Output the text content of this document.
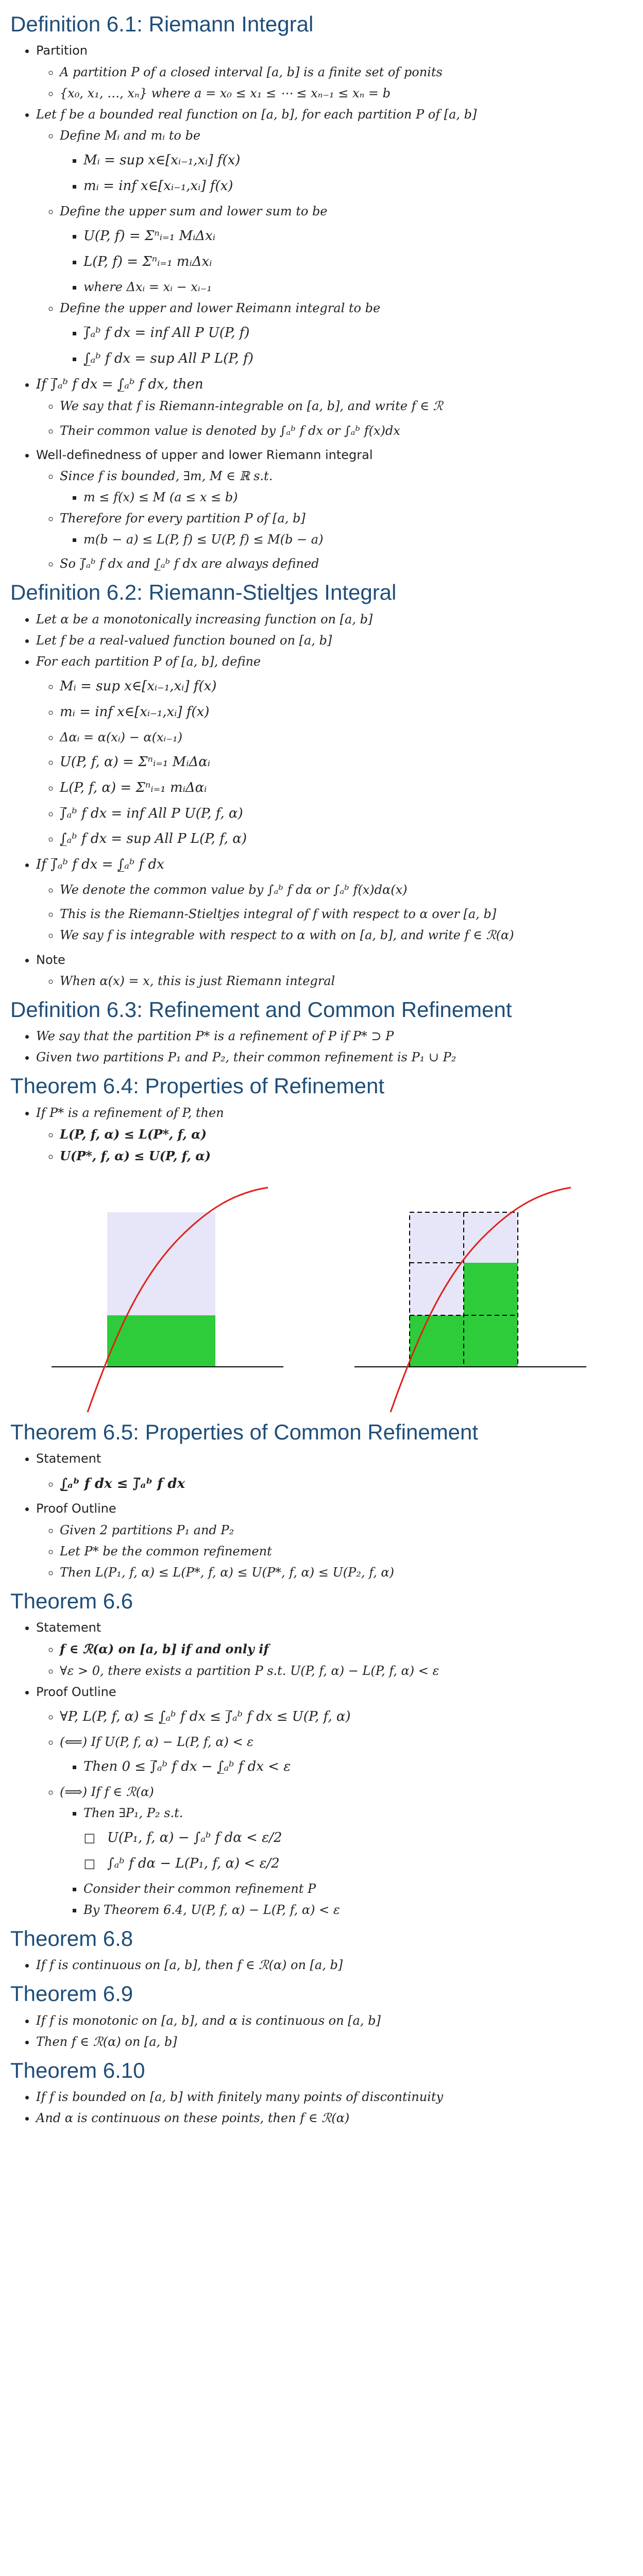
Definition 6.1: Riemann Integral
• Partition
◦ A partition P of a closed interval [a, b] is a finite set of ponits
◦ {x₀, x₁, …, xₙ} where a = x₀ ≤ x₁ ≤ ⋯ ≤ xₙ₋₁ ≤ xₙ = b
• Let f be a bounded real function on [a, b], for each partition P of [a, b]
◦ Define Mᵢ and mᵢ to be
▪ Mᵢ = sup x∈[xᵢ₋₁,xᵢ] f(x)
▪ mᵢ = inf x∈[xᵢ₋₁,xᵢ] f(x)
◦ Define the upper sum and lower sum to be
▪ U(P, f) = Σⁿᵢ₌₁ MᵢΔxᵢ
▪ L(P, f) = Σⁿᵢ₌₁ mᵢΔxᵢ
▪ where Δxᵢ = xᵢ − xᵢ₋₁
◦ Define the upper and lower Reimann integral to be
▪ ∫̅ₐᵇ f dx = inf All P U(P, f)
▪ ∫̲ₐᵇ f dx = sup All P L(P, f)
• If ∫̅ₐᵇ f dx = ∫̲ₐᵇ f dx, then
◦ We say that f is Riemann-integrable on [a, b], and write f ∈ ℛ
◦ Their common value is denoted by ∫ₐᵇ f dx or ∫ₐᵇ f(x)dx
• Well-definedness of upper and lower Riemann integral
◦ Since f is bounded, ∃m, M ∈ ℝ s.t.
▪ m ≤ f(x) ≤ M (a ≤ x ≤ b)
◦ Therefore for every partition P of [a, b]
▪ m(b − a) ≤ L(P, f) ≤ U(P, f) ≤ M(b − a)
◦ So ∫̅ₐᵇ f dx and ∫̲ₐᵇ f dx are always defined
Definition 6.2: Riemann-Stieltjes Integral
• Let α be a monotonically increasing function on [a, b]
• Let f be a real-valued function bouned on [a, b]
• For each partition P of [a, b], define
◦ Mᵢ = sup x∈[xᵢ₋₁,xᵢ] f(x)
◦ mᵢ = inf x∈[xᵢ₋₁,xᵢ] f(x)
◦ Δαᵢ = α(xᵢ) − α(xᵢ₋₁)
◦ U(P, f, α) = Σⁿᵢ₌₁ MᵢΔαᵢ
◦ L(P, f, α) = Σⁿᵢ₌₁ mᵢΔαᵢ
◦ ∫̅ₐᵇ f dx = inf All P U(P, f, α)
◦ ∫̲ₐᵇ f dx = sup All P L(P, f, α)
• If ∫̅ₐᵇ f dx = ∫̲ₐᵇ f dx
◦ We denote the common value by ∫ₐᵇ f dα or ∫ₐᵇ f(x)dα(x)
◦ This is the Riemann-Stieltjes integral of f with respect to α over [a, b]
◦ We say f is integrable with respect to α with on [a, b], and write f ∈ ℛ(α)
• Note
◦ When α(x) = x, this is just Riemann integral
Definition 6.3: Refinement and Common Refinement
• We say that the partition P* is a refinement of P if P* ⊃ P
• Given two partitions P₁ and P₂, their common refinement is P₁ ∪ P₂
Theorem 6.4: Properties of Refinement
• If P* is a refinement of P, then
◦ L(P, f, α) ≤ L(P*, f, α)
◦ U(P*, f, α) ≤ U(P, f, α)
Theorem 6.5: Properties of Common Refinement
• Statement
◦ ∫̲ₐᵇ f dx ≤ ∫̅ₐᵇ f dx
• Proof Outline
◦ Given 2 partitions P₁ and P₂
◦ Let P* be the common refinement
◦ Then L(P₁, f, α) ≤ L(P*, f, α) ≤ U(P*, f, α) ≤ U(P₂, f, α)
Theorem 6.6
• Statement
◦ f ∈ ℛ(α) on [a, b] if and only if
◦ ∀ε > 0, there exists a partition P s.t. U(P, f, α) − L(P, f, α) < ε
• Proof Outline
◦ ∀P, L(P, f, α) ≤ ∫̲ₐᵇ f dx ≤ ∫̅ₐᵇ f dx ≤ U(P, f, α)
◦ (⟸) If U(P, f, α) − L(P, f, α) < ε
▪ Then 0 ≤ ∫̅ₐᵇ f dx − ∫̲ₐᵇ f dx < ε
◦ (⟹) If f ∈ ℛ(α)
▪ Then ∃P₁, P₂ s.t.
□ U(P₁, f, α) − ∫ₐᵇ f dα < ε/2
□ ∫ₐᵇ f dα − L(P₁, f, α) < ε/2
▪ Consider their common refinement P
▪ By Theorem 6.4, U(P, f, α) − L(P, f, α) < ε
Theorem 6.8
• If f is continuous on [a, b], then f ∈ ℛ(α) on [a, b]
Theorem 6.9
• If f is monotonic on [a, b], and α is continuous on [a, b]
• Then f ∈ ℛ(α) on [a, b]
Theorem 6.10
• If f is bounded on [a, b] with finitely many points of discontinuity
• And α is continuous on these points, then f ∈ ℛ(α)
